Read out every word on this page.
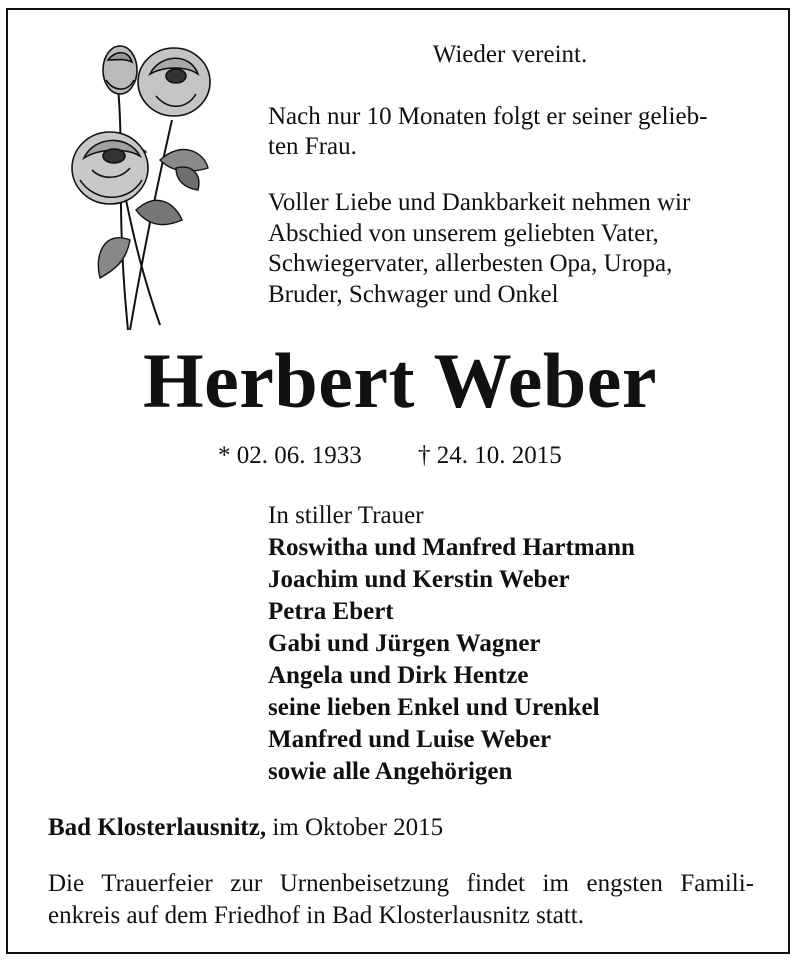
Wieder vereint.
Nach nur 10 Monaten folgt er seiner gelieb-
ten Frau.
Voller Liebe und Dankbarkeit nehmen wir
Abschied von unserem geliebten Vater,
Schwiegervater, allerbesten Opa, Uropa,
Bruder, Schwager und Onkel
Herbert Weber
* 02. 06. 1933 † 24. 10. 2015
In stiller Trauer
Roswitha und Manfred Hartmann
Joachim und Kerstin Weber
Petra Ebert
Gabi und Jürgen Wagner
Angela und Dirk Hentze
seine lieben Enkel und Urenkel
Manfred und Luise Weber
sowie alle Angehörigen
Bad Klosterlausnitz, im Oktober 2015
Die Trauerfeier zur Urnenbeisetzung findet im engsten Famili-
enkreis auf dem Friedhof in Bad Klosterlausnitz statt.
